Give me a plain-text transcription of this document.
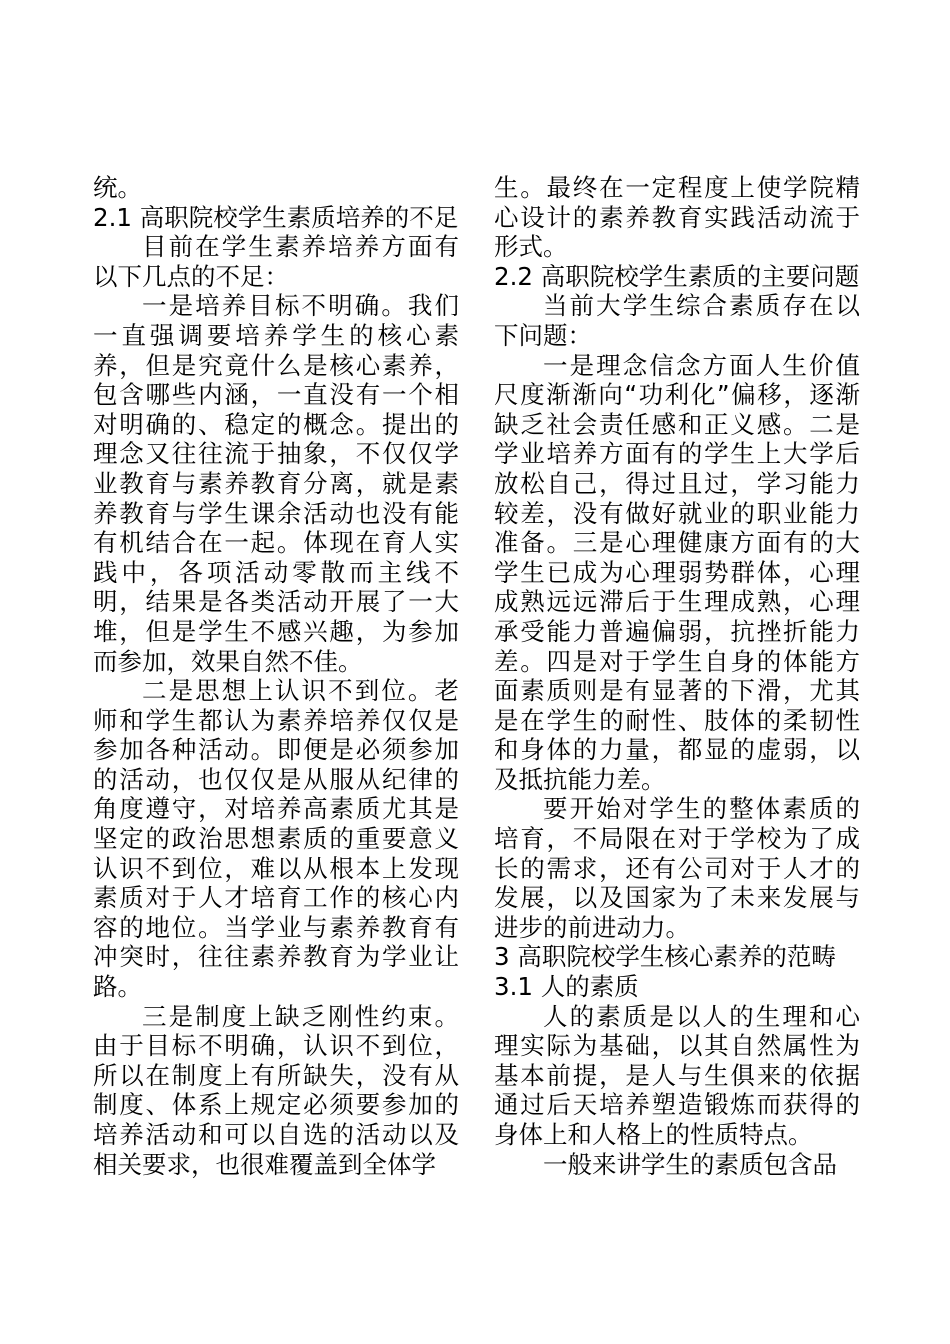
统。

2.1 高职院校学生素质培养的不足

目前在学生素养培养方面有以下几点的不足：

一是培养目标不明确。我们一直强调要培养学生的核心素养，但是究竟什么是核心素养，包含哪些内涵，一直没有一个相对明确的、稳定的概念。提出的理念又往往流于抽象，不仅仅学业教育与素养教育分离，就是素养教育与学生课余活动也没有能有机结合在一起。体现在育人实践中，各项活动零散而主线不明，结果是各类活动开展了一大堆，但是学生不感兴趣，为参加而参加，效果自然不佳。

二是思想上认识不到位。老师和学生都认为素养培养仅仅是参加各种活动。即便是必须参加的活动，也仅仅是从服从纪律的角度遵守，对培养高素质尤其是坚定的政治思想素质的重要意义认识不到位，难以从根本上发现素质对于人才培育工作的核心内容的地位。当学业与素养教育有冲突时，往往素养教育为学业让路。

三是制度上缺乏刚性约束。由于目标不明确，认识不到位，所以在制度上有所缺失，没有从制度、体系上规定必须要参加的培养活动和可以自选的活动以及相关要求，也很难覆盖到全体学

生。最终在一定程度上使学院精心设计的素养教育实践活动流于形式。

2.2 高职院校学生素质的主要问题

当前大学生综合素质存在以下问题：

一是理念信念方面人生价值尺度渐渐向“功利化”偏移，逐渐缺乏社会责任感和正义感。二是学业培养方面有的学生上大学后放松自己，得过且过，学习能力较差，没有做好就业的职业能力准备。三是心理健康方面有的大学生已成为心理弱势群体，心理成熟远远滞后于生理成熟，心理承受能力普遍偏弱，抗挫折能力差。四是对于学生自身的体能方面素质则是有显著的下滑，尤其是在学生的耐性、肢体的柔韧性和身体的力量，都显的虚弱，以及抵抗能力差。

要开始对学生的整体素质的培育，不局限在对于学校为了成长的需求，还有公司对于人才的发展，以及国家为了未来发展与进步的前进动力。

3 高职院校学生核心素养的范畴
3.1 人的素质

人的素质是以人的生理和心理实际为基础，以其自然属性为基本前提，是人与生俱来的依据通过后天培养塑造锻炼而获得的身体上和人格上的性质特点。

一般来讲学生的素质包含品
